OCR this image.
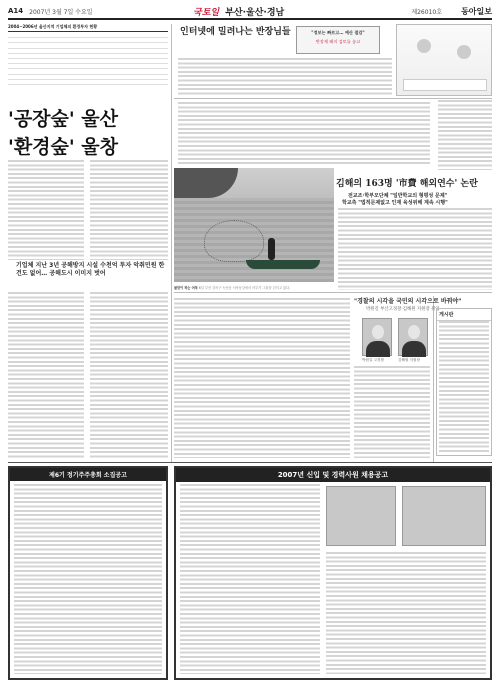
A14 2007년 3월 7일 수요일	국토일 부산·울산·경남	제26010호 동아일보
2004~2006년 울산지역 기업체의 환경투자 현황
'공장숲' 울산
'환경숲' 울창
기업체 지난 3년 공해방지 시설 수천억 투자 악취민원 한건도 없어… 공해도시 이미지 벗어
인터넷에 밀려나는 반장님들	"정보는 빠르고… 예산 절감"
반장제 폐지 검토를 놓고
봄맞이 하는 어부 6일 부산 강서구 녹산동 서낙동강에서 어부가 그물을 던지고 있다.
김해의 163명 '市費 해외연수' 논란
전교조·학부모단체 "일반학교의 형평성 문제"
학교측 "법적문제없고 인재 육성위해 계속 시행"
"경찰의 시각을 국민의 시각으로 바꿔야"
박원길 부산고경찰·김해원 지원장 취임
박원길 고경찰	김해원 지원장
게시판
제6기 정기주주총회 소집공고	2007년 신입 및 경력사원 채용공고
